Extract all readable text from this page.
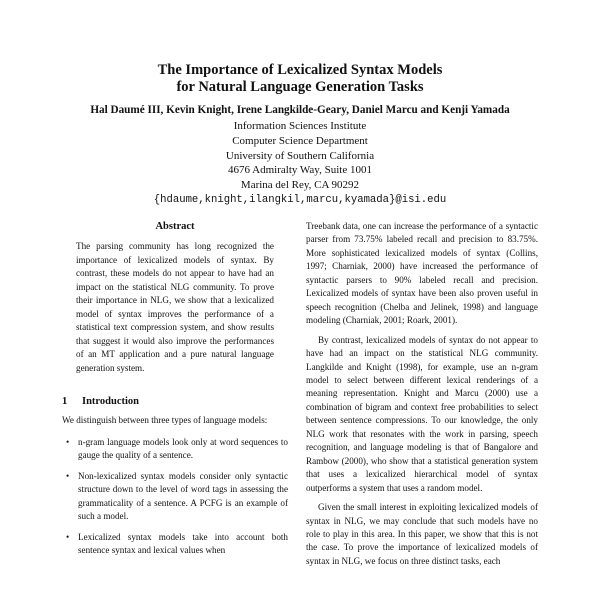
The Importance of Lexicalized Syntax Models
for Natural Language Generation Tasks
Hal Daumé III, Kevin Knight, Irene Langkilde-Geary, Daniel Marcu and Kenji Yamada
Information Sciences Institute
Computer Science Department
University of Southern California
4676 Admiralty Way, Suite 1001
Marina del Rey, CA 90292
{hdaume,knight,ilangkil,marcu,kyamada}@isi.edu
Abstract

The parsing community has long recognized the importance of lexicalized models of syntax. By contrast, these models do not appear to have had an impact on the statistical NLG community. To prove their importance in NLG, we show that a lexicalized model of syntax improves the performance of a statistical text compression system, and show results that suggest it would also improve the performances of an MT application and a pure natural language generation system.

1 Introduction

We distinguish between three types of language models:

• n-gram language models look only at word sequences to gauge the quality of a sentence.
• Non-lexicalized syntax models consider only syntactic structure down to the level of word tags in assessing the grammaticality of a sentence. A PCFG is an example of such a model.
• Lexicalized syntax models take into account both sentence syntax and lexical values when

Treebank data, one can increase the performance of a syntactic parser from 73.75% labeled recall and precision to 83.75%. More sophisticated lexicalized models of syntax (Collins, 1997; Charniak, 2000) have increased the performance of syntactic parsers to 90% labeled recall and precision. Lexicalized models of syntax have been also proven useful in speech recognition (Chelba and Jelinek, 1998) and language modeling (Charniak, 2001; Roark, 2001).

By contrast, lexicalized models of syntax do not appear to have had an impact on the statistical NLG community. Langkilde and Knight (1998), for example, use an n-gram model to select between different lexical renderings of a meaning representation. Knight and Marcu (2000) use a combination of bigram and context free probabilities to select between sentence compressions. To our knowledge, the only NLG work that resonates with the work in parsing, speech recognition, and language modeling is that of Bangalore and Rambow (2000), who show that a statistical generation system that uses a lexicalized hierarchical model of syntax outperforms a system that uses a random model.

Given the small interest in exploiting lexicalized models of syntax in NLG, we may conclude that such models have no role to play in this area. In this paper, we show that this is not the case. To prove the importance of lexicalized models of syntax in NLG, we focus on three distinct tasks, each
